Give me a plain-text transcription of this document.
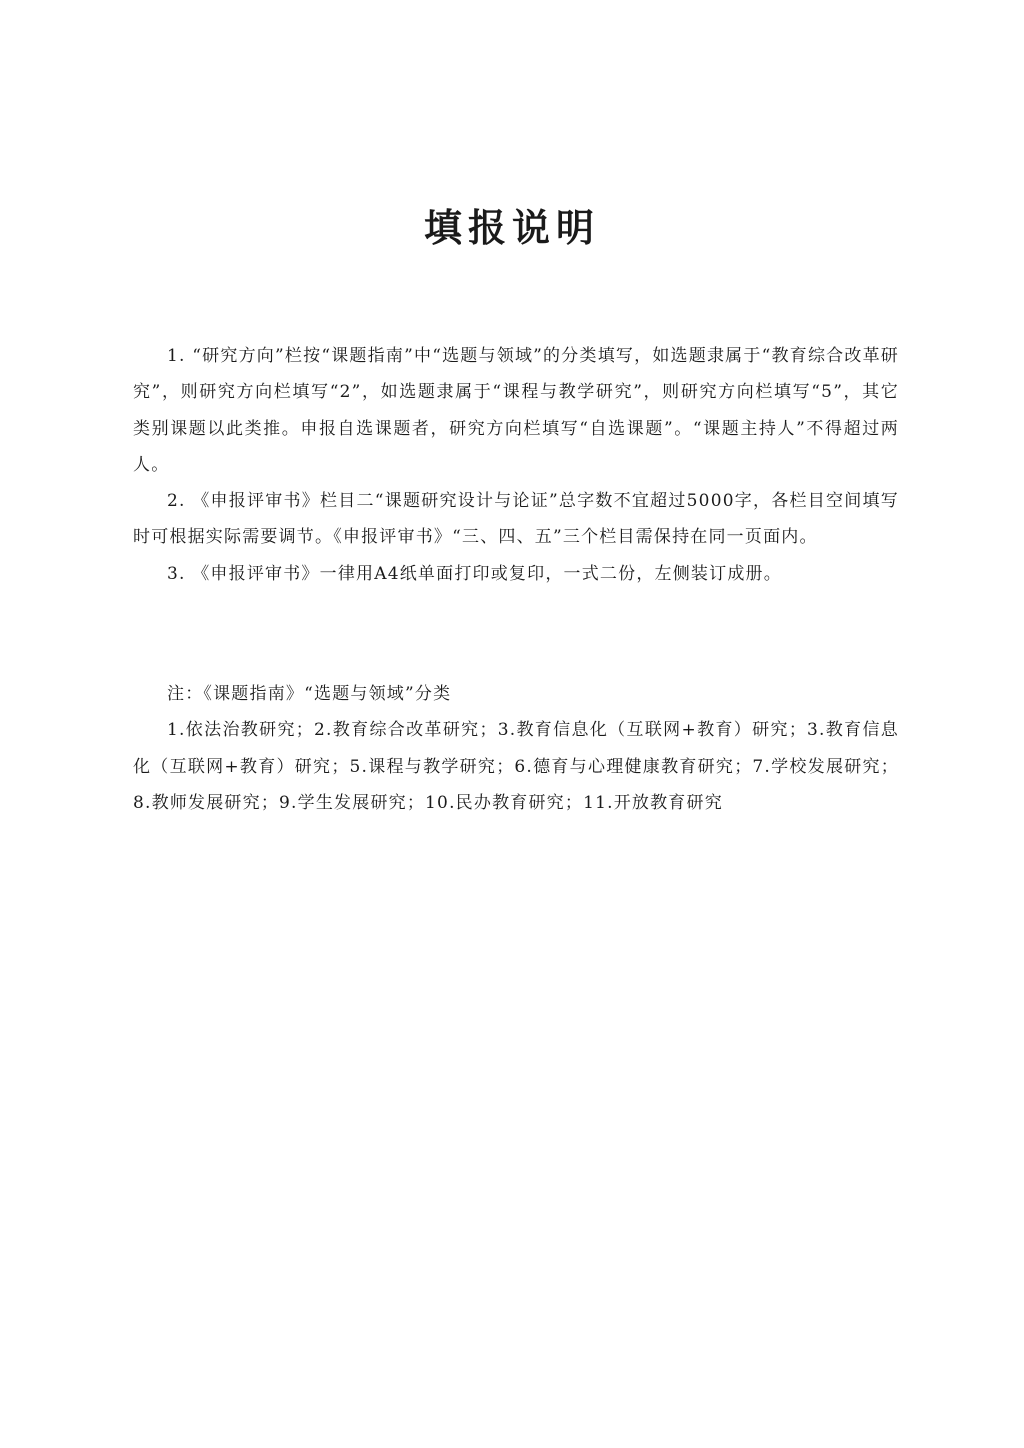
填报说明

1. “研究方向”栏按“课题指南”中“选题与领域”的分类填写，如选题隶属于“教育综合改革研究”，则研究方向栏填写“2”，如选题隶属于“课程与教学研究”，则研究方向栏填写“5”，其它类别课题以此类推。申报自选课题者，研究方向栏填写“自选课题”。“课题主持人”不得超过两人。

2. 《申报评审书》栏目二“课题研究设计与论证”总字数不宜超过5000字，各栏目空间填写时可根据实际需要调节。《申报评审书》“三、四、五”三个栏目需保持在同一页面内。

3. 《申报评审书》一律用A4纸单面打印或复印，一式二份，左侧装订成册。

注：《课题指南》“选题与领域”分类

1.依法治教研究；2.教育综合改革研究；3.教育信息化（互联网+教育）研究；3.教育信息化（互联网+教育）研究；5.课程与教学研究；6.德育与心理健康教育研究；7.学校发展研究；8.教师发展研究；9.学生发展研究；10.民办教育研究；11.开放教育研究
